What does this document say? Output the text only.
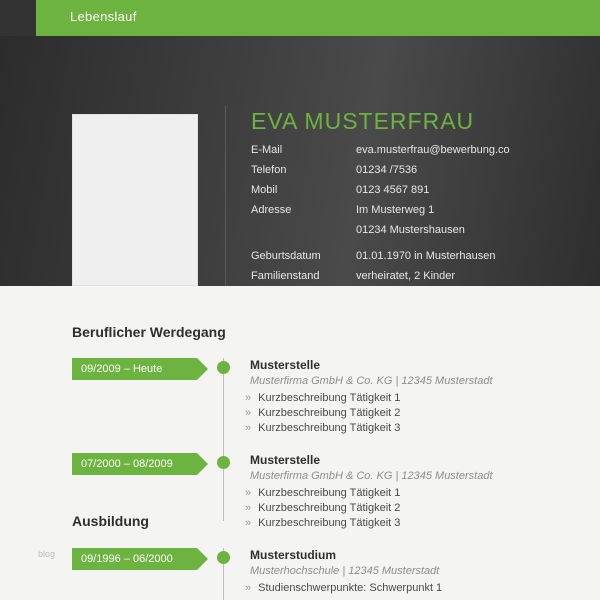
Lebenslauf
EVA MUSTERFRAU
E-Mail	eva.musterfrau@bewerbung.co
Telefon	01234 /7536
Mobil	0123 4567 891
Adresse	Im Musterweg 1
01234 Mustershausen
Geburtsdatum	01.01.1970 in Musterhausen
Familienstand	verheiratet, 2 Kinder
Beruflicher Werdegang
09/2009 – Heute	Musterstelle
Musterfirma GmbH & Co. KG | 12345 Musterstadt
» Kurzbeschreibung Tätigkeit 1
» Kurzbeschreibung Tätigkeit 2
» Kurzbeschreibung Tätigkeit 3
07/2000 – 08/2009	Musterstelle
Musterfirma GmbH & Co. KG | 12345 Musterstadt
» Kurzbeschreibung Tätigkeit 1
» Kurzbeschreibung Tätigkeit 2
» Kurzbeschreibung Tätigkeit 3
Ausbildung
09/1996 – 06/2000	Musterstudium
Musterhochschule | 12345 Musterstadt
» Studienschwerpunkte: Schwerpunkt 1
blog
